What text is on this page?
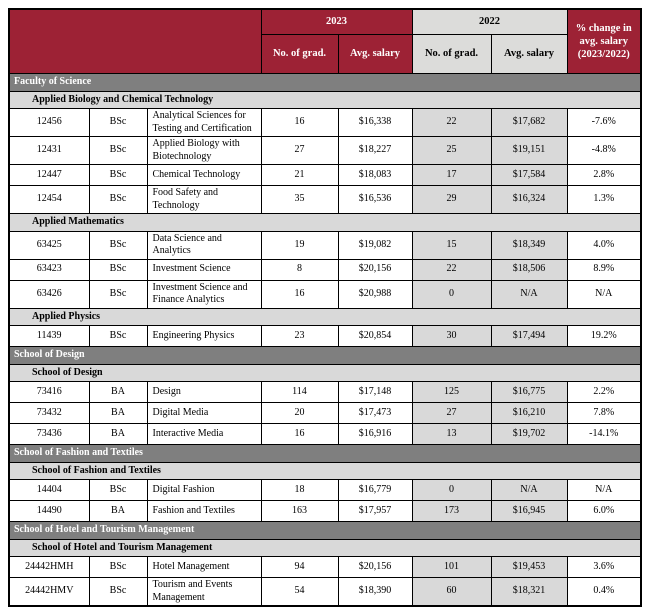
			2023		2022		% change in avg. salary (2023/2022)
			No. of grad.	Avg. salary	No. of grad.	Avg. salary	
Faculty of Science							
Applied Biology and Chemical Technology							
12456	BSc	Analytical Sciences for Testing and Certification	16	$16,338	22	$17,682	-7.6%
12431	BSc	Applied Biology with Biotechnology	27	$18,227	25	$19,151	-4.8%
12447	BSc	Chemical Technology	21	$18,083	17	$17,584	2.8%
12454	BSc	Food Safety and Technology	35	$16,536	29	$16,324	1.3%
Applied Mathematics							
63425	BSc	Data Science and Analytics	19	$19,082	15	$18,349	4.0%
63423	BSc	Investment Science	8	$20,156	22	$18,506	8.9%
63426	BSc	Investment Science and Finance Analytics	16	$20,988	0	N/A	N/A
Applied Physics							
11439	BSc	Engineering Physics	23	$20,854	30	$17,494	19.2%
School of Design							
School of Design							
73416	BA	Design	114	$17,148	125	$16,775	2.2%
73432	BA	Digital Media	20	$17,473	27	$16,210	7.8%
73436	BA	Interactive Media	16	$16,916	13	$19,702	-14.1%
School of Fashion and Textiles							
School of Fashion and Textiles							
14404	BSc	Digital Fashion	18	$16,779	0	N/A	N/A
14490	BA	Fashion and Textiles	163	$17,957	173	$16,945	6.0%
School of Hotel and Tourism Management							
School of Hotel and Tourism Management							
24442HMH	BSc	Hotel Management	94	$20,156	101	$19,453	3.6%
24442HMV	BSc	Tourism and Events Management	54	$18,390	60	$18,321	0.4%
